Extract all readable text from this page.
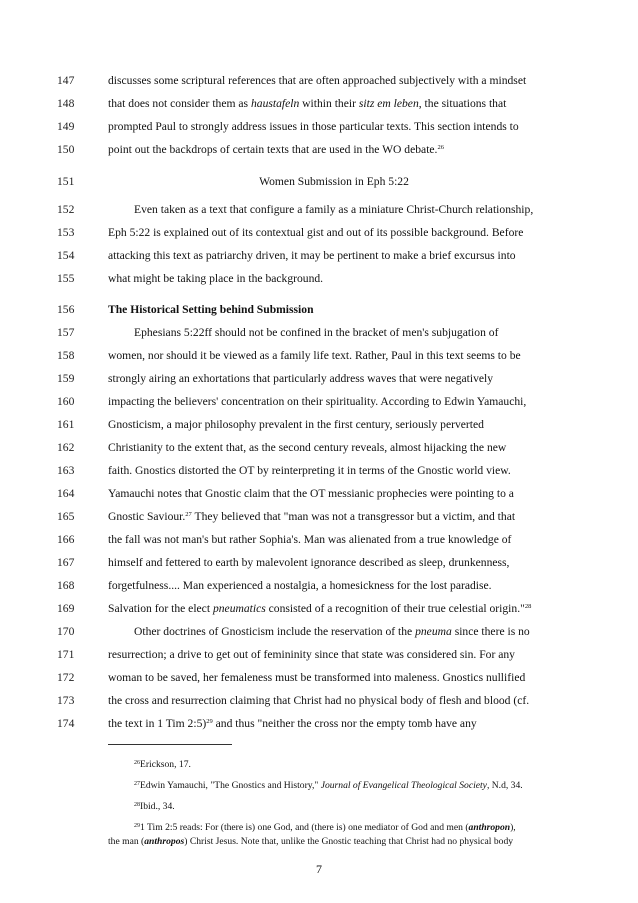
147	discusses some scriptural references that are often approached subjectively with a mindset
148	that does not consider them as haustafeln within their sitz em leben, the situations that
149	prompted Paul to strongly address issues in those particular texts. This section intends to
150	point out the backdrops of certain texts that are used in the WO debate.$^{26}$
151	Women Submission in Eph 5:22
152	Even taken as a text that configure a family as a miniature Christ-Church relationship,
153	Eph 5:22 is explained out of its contextual gist and out of its possible background. Before
154	attacking this text as patriarchy driven, it may be pertinent to make a brief excursus into
155	what might be taking place in the background.
156	The Historical Setting behind Submission
157	Ephesians 5:22ff should not be confined in the bracket of men's subjugation of
158	women, nor should it be viewed as a family life text. Rather, Paul in this text seems to be
159	strongly airing an exhortations that particularly address waves that were negatively
160	impacting the believers' concentration on their spirituality. According to Edwin Yamauchi,
161	Gnosticism, a major philosophy prevalent in the first century, seriously perverted
162	Christianity to the extent that, as the second century reveals, almost hijacking the new
163	faith. Gnostics distorted the OT by reinterpreting it in terms of the Gnostic world view.
164	Yamauchi notes that Gnostic claim that the OT messianic prophecies were pointing to a
165	Gnostic Saviour.$^{27}$ They believed that "man was not a transgressor but a victim, and that
166	the fall was not man's but rather Sophia's. Man was alienated from a true knowledge of
167	himself and fettered to earth by malevolent ignorance described as sleep, drunkenness,
168	forgetfulness.... Man experienced a nostalgia, a homesickness for the lost paradise.
169	Salvation for the elect pneumatics consisted of a recognition of their true celestial origin."$^{28}$
170	Other doctrines of Gnosticism include the reservation of the pneuma since there is no
171	resurrection; a drive to get out of femininity since that state was considered sin. For any
172	woman to be saved, her femaleness must be transformed into maleness. Gnostics nullified
173	the cross and resurrection claiming that Christ had no physical body of flesh and blood (cf.
174	the text in 1 Tim 2:5)$^{29}$ and thus "neither the cross nor the empty tomb have any
$^{26}$Erickson, 17.
$^{27}$Edwin Yamauchi, "The Gnostics and History," Journal of Evangelical Theological Society, N.d, 34.
$^{28}$Ibid., 34.
$^{29}$1 Tim 2:5 reads: For (there is) one God, and (there is) one mediator of God and men (anthropon),
the man (anthropos) Christ Jesus. Note that, unlike the Gnostic teaching that Christ had no physical body
7
